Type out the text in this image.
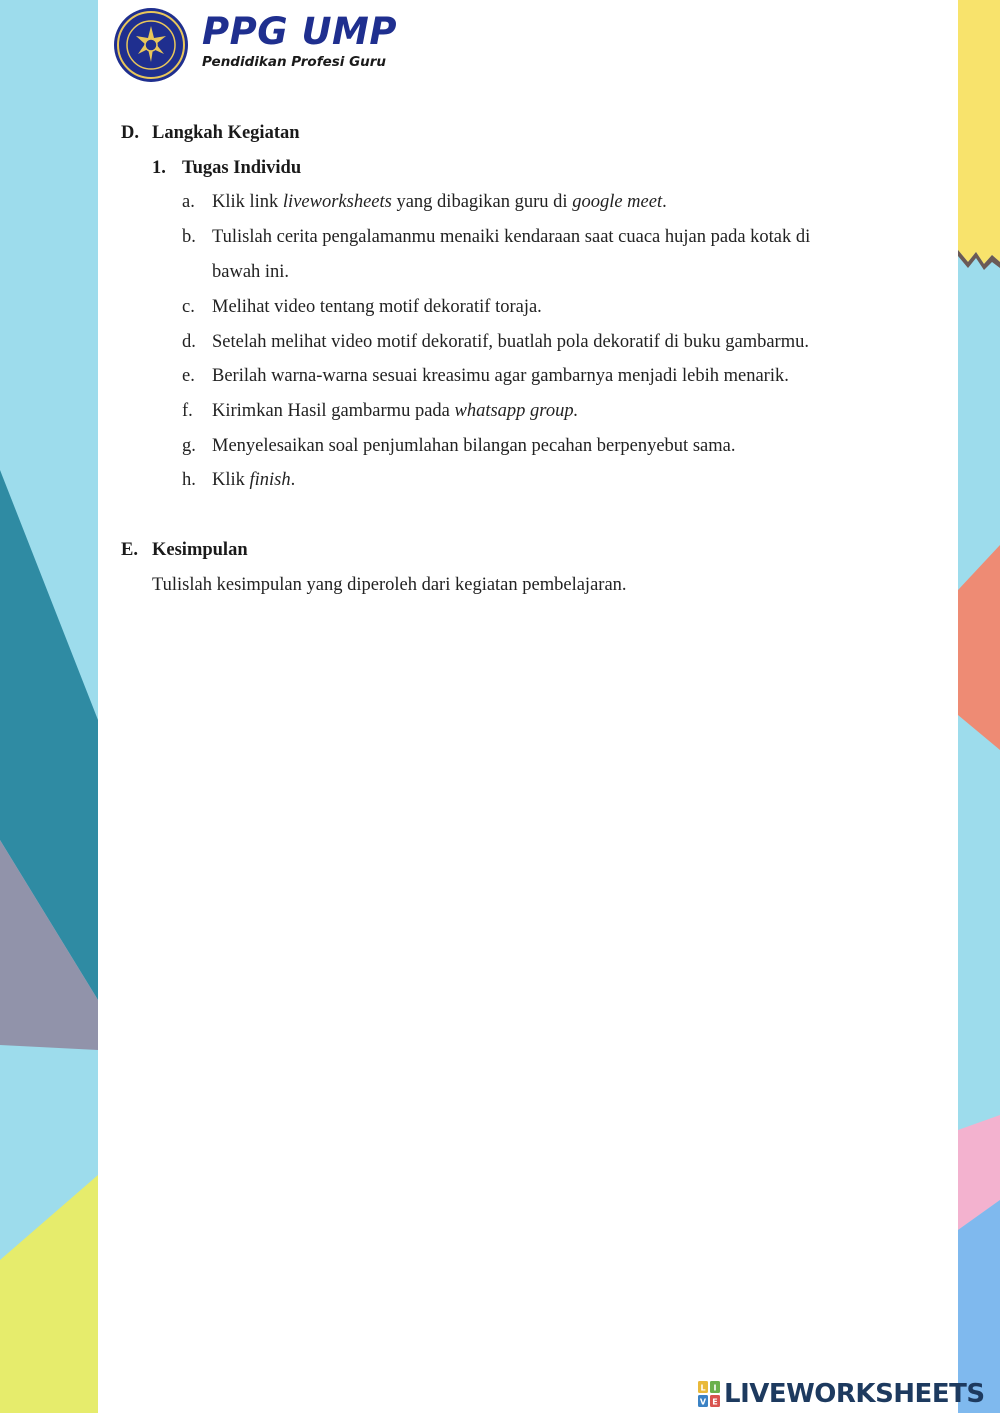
PPG UMP
Pendidikan Profesi Guru
D. Langkah Kegiatan
1. Tugas Individu
a. Klik link liveworksheets yang dibagikan guru di google meet.
b. Tulislah cerita pengalamanmu menaiki kendaraan saat cuaca hujan pada kotak di
bawah ini.
c. Melihat video tentang motif dekoratif toraja.
d. Setelah melihat video motif dekoratif, buatlah pola dekoratif di buku gambarmu.
e. Berilah warna-warna sesuai kreasimu agar gambarnya menjadi lebih menarik.
f. Kirimkan Hasil gambarmu pada whatsapp group.
g. Menyelesaikan soal penjumlahan bilangan pecahan berpenyebut sama.
h. Klik finish.
E. Kesimpulan
Tulislah kesimpulan yang diperoleh dari kegiatan pembelajaran.
L I
V E LIVEWORKSHEETS
